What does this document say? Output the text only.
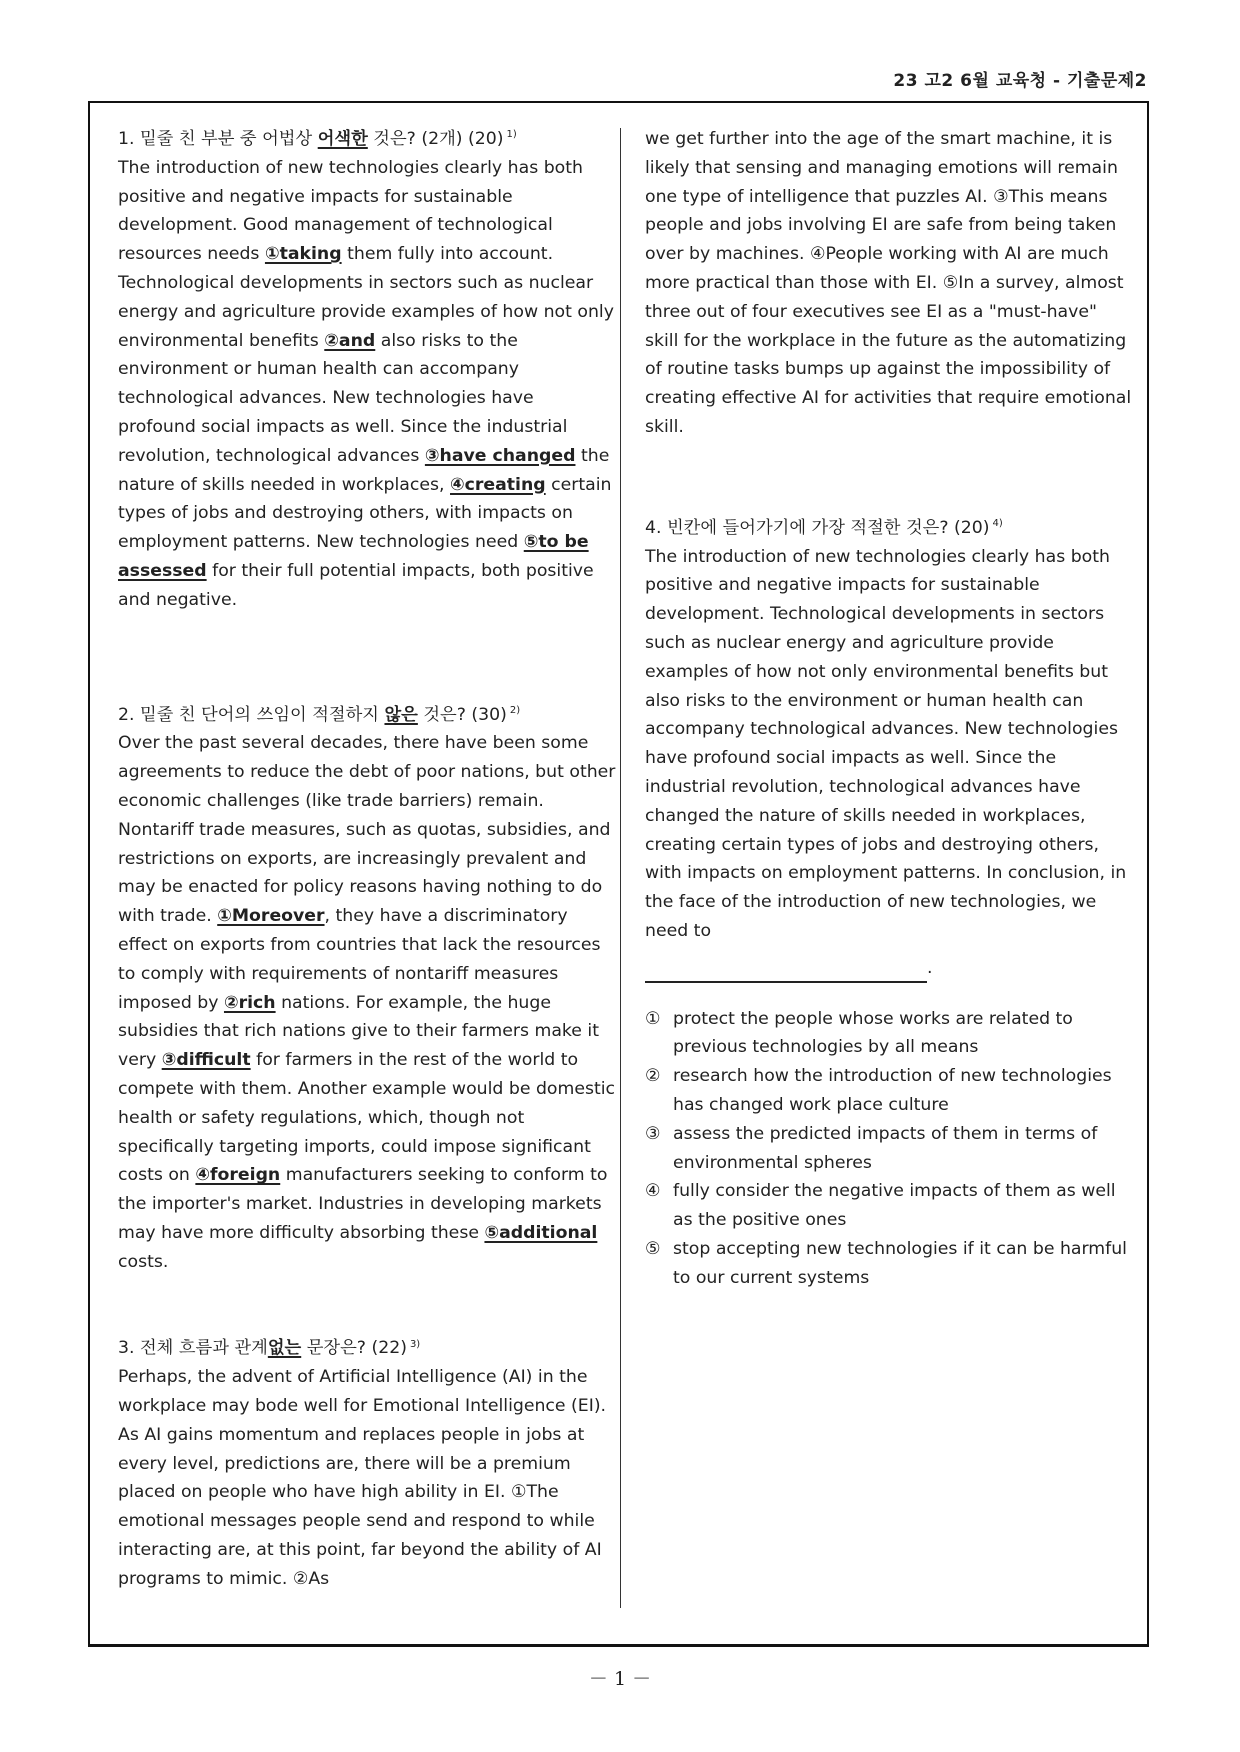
23 고2 6월 교육청 - 기출문제2
1. 밑줄 친 부분 중 어법상 어색한 것은? (2개) (20) $^{1)}$
The introduction of new technologies clearly has both positive and negative impacts for sustainable development. Good management of technological resources needs ①taking them fully into account. Technological developments in sectors such as nuclear energy and agriculture provide examples of how not only environmental benefits ②and also risks to the environment or human health can accompany technological advances. New technologies have profound social impacts as well. Since the industrial revolution, technological advances ③have changed the nature of skills needed in workplaces, ④creating certain types of jobs and destroying others, with impacts on employment patterns. New technologies need ⑤to be assessed for their full potential impacts, both positive and negative.
2. 밑줄 친 단어의 쓰임이 적절하지 않은 것은? (30) $^{2)}$
Over the past several decades, there have been some agreements to reduce the debt of poor nations, but other economic challenges (like trade barriers) remain. Nontariff trade measures, such as quotas, subsidies, and restrictions on exports, are increasingly prevalent and may be enacted for policy reasons having nothing to do with trade. ①Moreover, they have a discriminatory effect on exports from countries that lack the resources to comply with requirements of nontariff measures imposed by ②rich nations. For example, the huge subsidies that rich nations give to their farmers make it very ③difficult for farmers in the rest of the world to compete with them. Another example would be domestic health or safety regulations, which, though not specifically targeting imports, could impose significant costs on ④foreign manufacturers seeking to conform to the importer's market. Industries in developing markets may have more difficulty absorbing these ⑤additional costs.
3. 전체 흐름과 관계없는 문장은? (22) $^{3)}$
Perhaps, the advent of Artificial Intelligence (AI) in the workplace may bode well for Emotional Intelligence (EI). As AI gains momentum and replaces people in jobs at every level, predictions are, there will be a premium placed on people who have high ability in EI. ①The emotional messages people send and respond to while interacting are, at this point, far beyond the ability of AI programs to mimic. ②As
we get further into the age of the smart machine, it is likely that sensing and managing emotions will remain one type of intelligence that puzzles AI. ③This means people and jobs involving EI are safe from being taken over by machines. ④People working with AI are much more practical than those with EI. ⑤In a survey, almost three out of four executives see EI as a "must-have" skill for the workplace in the future as the automatizing of routine tasks bumps up against the impossibility of creating effective AI for activities that require emotional skill.
4. 빈칸에 들어가기에 가장 적절한 것은? (20) $^{4)}$
The introduction of new technologies clearly has both positive and negative impacts for sustainable development. Technological developments in sectors such as nuclear energy and agriculture provide examples of how not only environmental benefits but also risks to the environment or human health can accompany technological advances. New technologies have profound social impacts as well. Since the industrial revolution, technological advances have changed the nature of skills needed in workplaces, creating certain types of jobs and destroying others, with impacts on employment patterns. In conclusion, in the face of the introduction of new technologies, we need to
.
① protect the people whose works are related to previous technologies by all means
② research how the introduction of new technologies has changed work place culture
③ assess the predicted impacts of them in terms of environmental spheres
④ fully consider the negative impacts of them as well as the positive ones
⑤ stop accepting new technologies if it can be harmful to our current systems
－ 1 －
